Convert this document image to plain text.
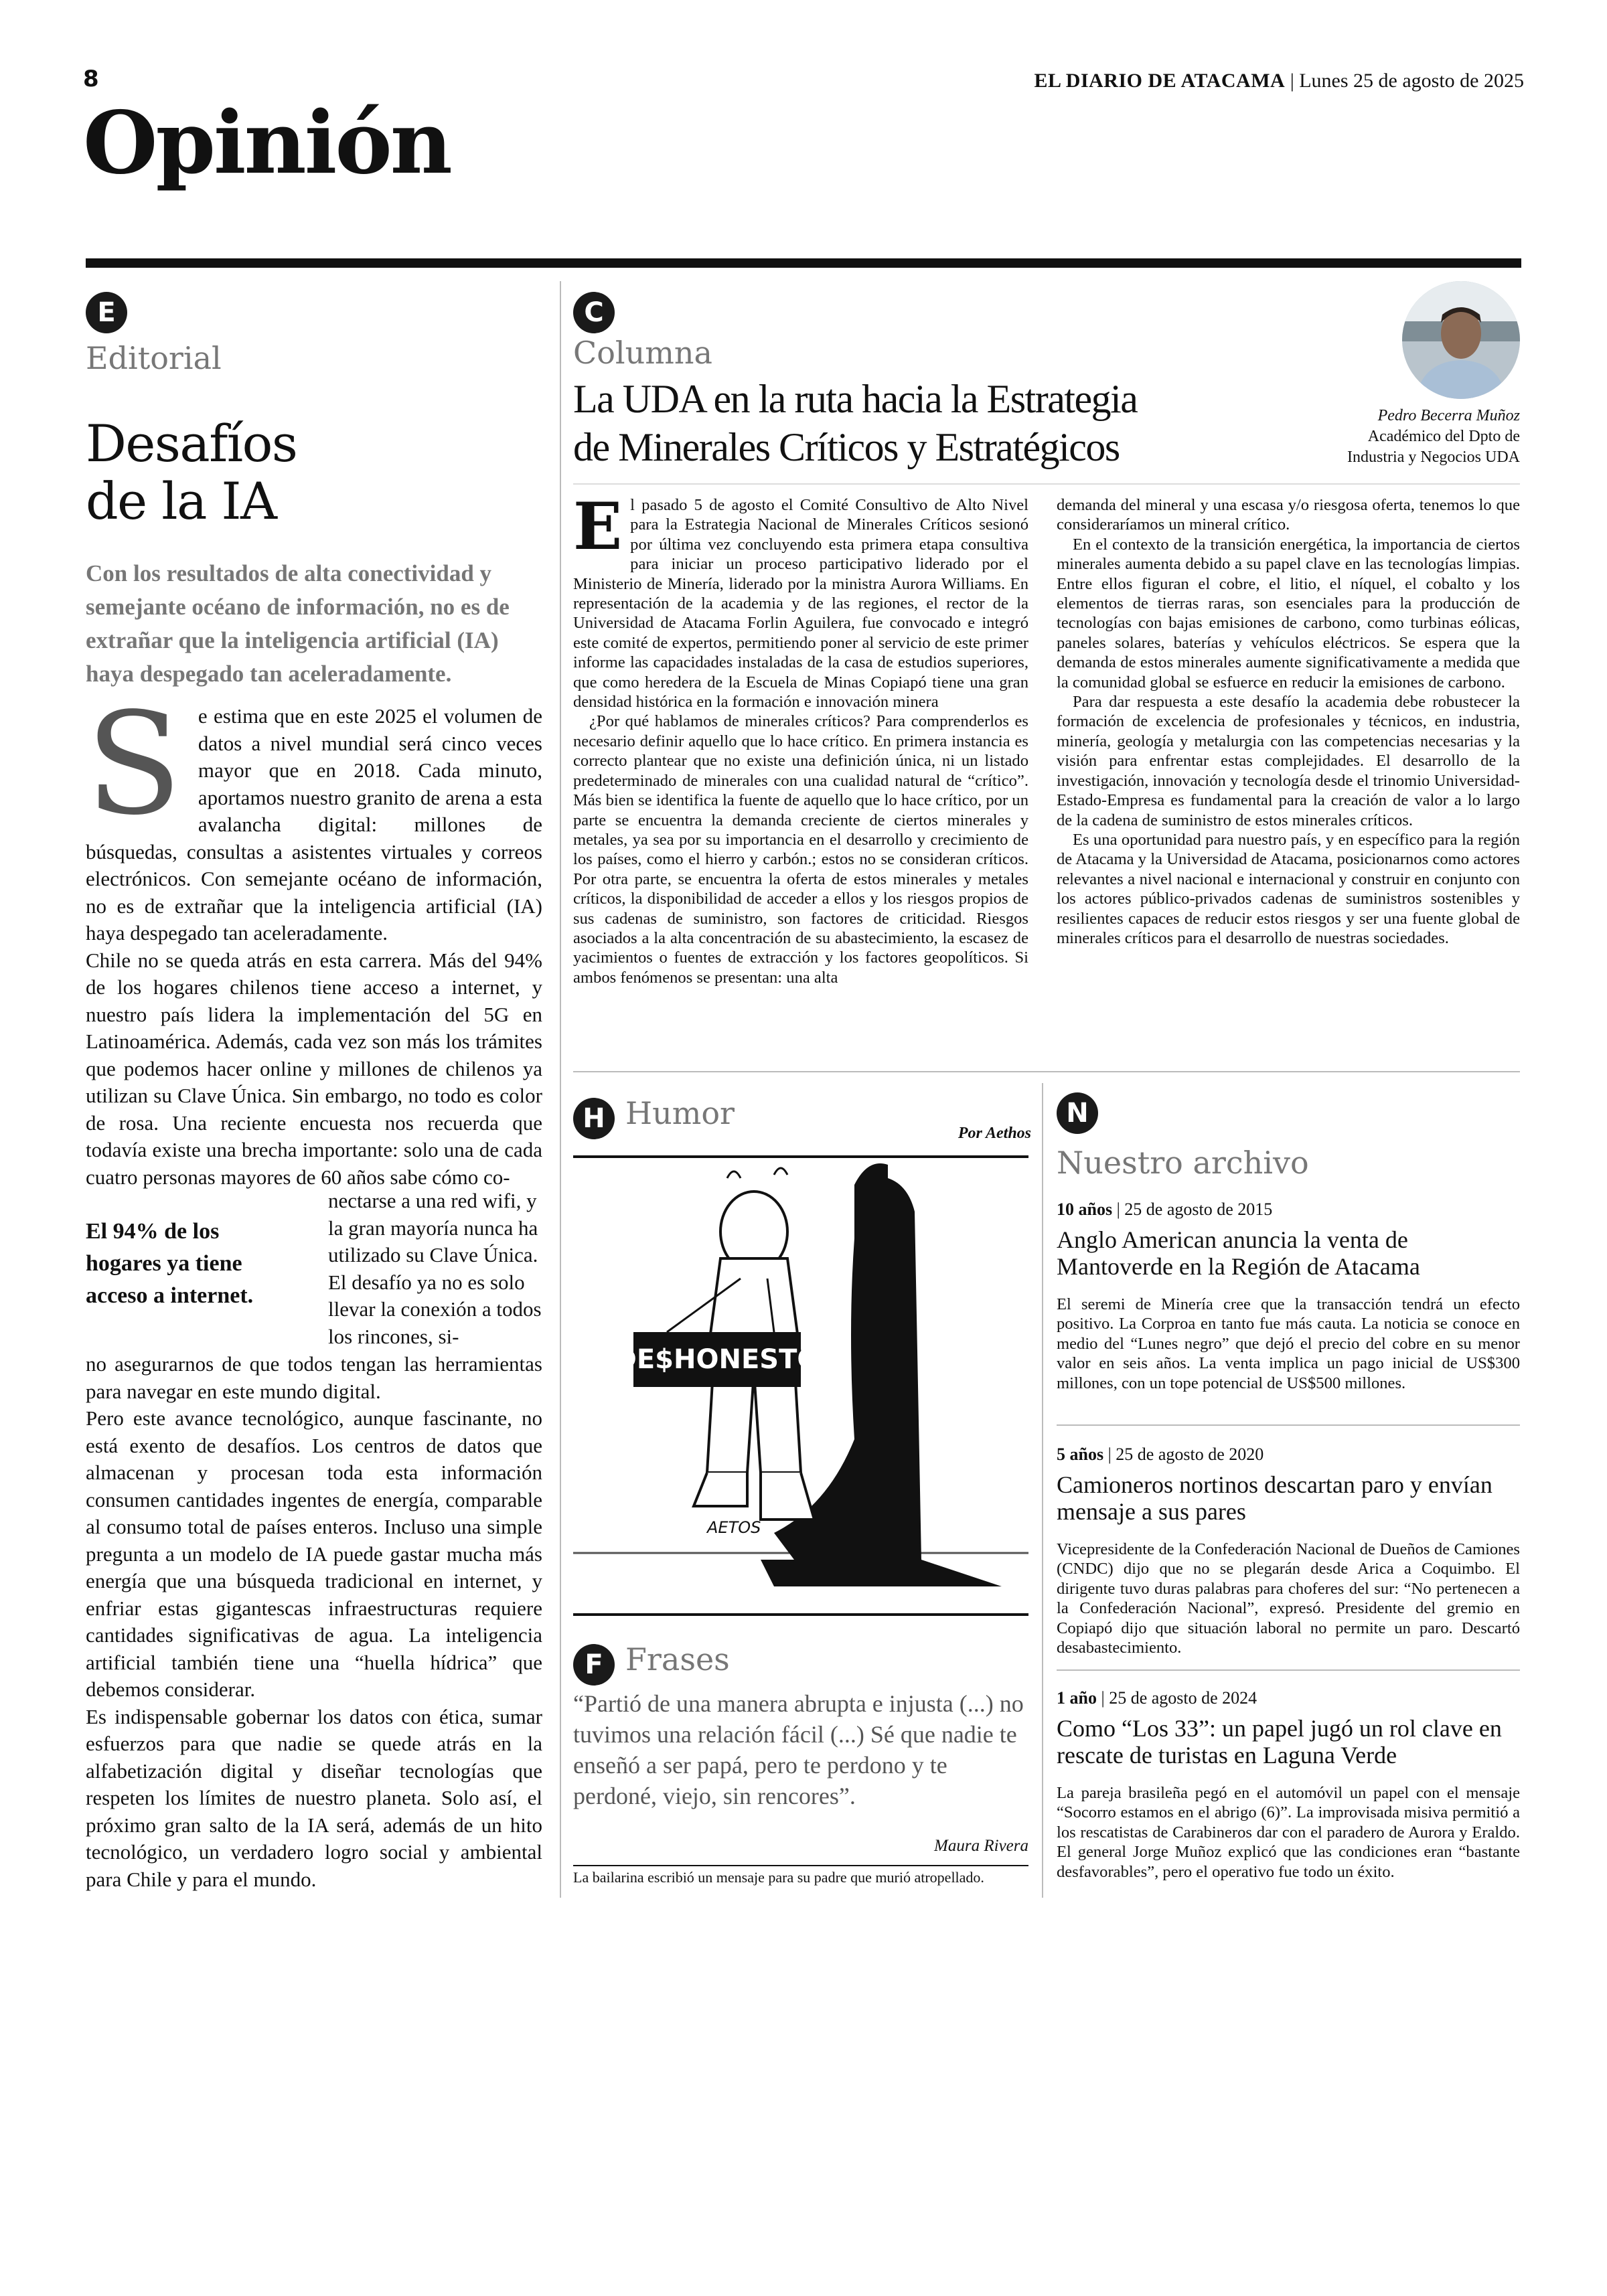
8	EL DIARIO DE ATACAMA | Lunes 25 de agosto de 2025
Opinión
E
Editorial
Desafíos
de la IA
Con los resultados de alta conectividad y semejante océano de información, no es de extrañar que la inteligencia artificial (IA) haya despegado tan aceleradamente.

Se estima que en este 2025 el volumen de datos a nivel mundial será cinco veces mayor que en 2018. Cada minuto, aportamos nuestro granito de arena a esta avalancha digital: millones de búsquedas, consultas a asistentes virtuales y correos electrónicos. Con semejante océano de información, no es de extrañar que la inteligencia artificial (IA) haya despegado tan aceleradamente.

Chile no se queda atrás en esta carrera. Más del 94% de los hogares chilenos tiene acceso a internet, y nuestro país lidera la implementación del 5G en Latinoamérica. Además, cada vez son más los trámites que podemos hacer online y millones de chilenos ya utilizan su Clave Única. Sin embargo, no todo es color de rosa. Una reciente encuesta nos recuerda que todavía existe una brecha importante: solo una de cada cuatro personas mayores de 60 años sabe cómo co-

El 94% de los hogares ya tiene acceso a internet.
nectarse a una red wifi, y la gran mayoría nunca ha utilizado su Clave Única. El desafío ya no es solo llevar la conexión a todos los rincones, si-

no asegurarnos de que todos tengan las herramientas para navegar en este mundo digital.

Pero este avance tecnológico, aunque fascinante, no está exento de desafíos. Los centros de datos que almacenan y procesan toda esta información consumen cantidades ingentes de energía, comparable al consumo total de países enteros. Incluso una simple pregunta a un modelo de IA puede gastar mucha más energía que una búsqueda tradicional en internet, y enfriar estas gigantescas infraestructuras requiere cantidades significativas de agua. La inteligencia artificial también tiene una “huella hídrica” que debemos considerar.

Es indispensable gobernar los datos con ética, sumar esfuerzos para que nadie se quede atrás en la alfabetización digital y diseñar tecnologías que respeten los límites de nuestro planeta. Solo así, el próximo gran salto de la IA será, además de un hito tecnológico, un verdadero logro social y ambiental para Chile y para el mundo.

C
Columna
La UDA en la ruta hacia la Estrategia
de Minerales Críticos y Estratégicos
Pedro Becerra Muñoz
Académico del Dpto de
Industria y Negocios UDA

El pasado 5 de agosto el Comité Consultivo de Alto Nivel para la Estrategia Nacional de Minerales Críticos sesionó por última vez concluyendo esta primera etapa consultiva para iniciar un proceso participativo liderado por el Ministerio de Minería, liderado por la ministra Aurora Williams. En representación de la academia y de las regiones, el rector de la Universidad de Atacama Forlin Aguilera, fue convocado e integró este comité de expertos, permitiendo poner al servicio de este primer informe las capacidades instaladas de la casa de estudios superiores, que como heredera de la Escuela de Minas Copiapó tiene una gran densidad histórica en la formación e innovación minera

¿Por qué hablamos de minerales críticos? Para comprenderlos es necesario definir aquello que lo hace crítico. En primera instancia es correcto plantear que no existe una definición única, ni un listado predeterminado de minerales con una cualidad natural de “crítico”. Más bien se identifica la fuente de aquello que lo hace crítico, por un parte se encuentra la demanda creciente de ciertos minerales y metales, ya sea por su importancia en el desarrollo y crecimiento de los países, como el hierro y carbón.; estos no se consideran críticos. Por otra parte, se encuentra la oferta de estos minerales y metales críticos, la disponibilidad de acceder a ellos y los riesgos propios de sus cadenas de suministro, son factores de criticidad. Riesgos asociados a la alta concentración de su abastecimiento, la escasez de yacimientos o fuentes de extracción y los factores geopolíticos. Si ambos fenómenos se presentan: una alta

demanda del mineral y una escasa y/o riesgosa oferta, tenemos lo que consideraríamos un mineral crítico.

En el contexto de la transición energética, la importancia de ciertos minerales aumenta debido a su papel clave en las tecnologías limpias. Entre ellos figuran el cobre, el litio, el níquel, el cobalto y los elementos de tierras raras, son esenciales para la producción de tecnologías con bajas emisiones de carbono, como turbinas eólicas, paneles solares, baterías y vehículos eléctricos. Se espera que la demanda de estos minerales aumente significativamente a medida que la comunidad global se esfuerce en reducir la emisiones de carbono.

Para dar respuesta a este desafío la academia debe robustecer la formación de excelencia de profesionales y técnicos, en industria, minería, geología y metalurgia con las competencias necesarias y la visión para enfrentar estas complejidades. El desarrollo de la investigación, innovación y tecnología desde el trinomio Universidad-Estado-Empresa es fundamental para la creación de valor a lo largo de la cadena de suministro de estos minerales críticos.

Es una oportunidad para nuestro país, y en específico para la región de Atacama y la Universidad de Atacama, posicionarnos como actores relevantes a nivel nacional e internacional y construir en conjunto con los actores público-privados cadenas de suministros sostenibles y resilientes capaces de reducir estos riesgos y ser una fuente global de minerales críticos para el desarrollo de nuestras sociedades.

H Humor
Por Aethos
DE$HONESTO
AETOS
F Frases
“Partió de una manera abrupta e injusta (...) no tuvimos una relación fácil (...) Sé que nadie te enseñó a ser papá, pero te perdono y te perdoné, viejo, sin rencores”.
Maura Rivera
La bailarina escribió un mensaje para su padre que murió atropellado.
N
Nuestro archivo
10 años | 25 de agosto de 2015
Anglo American anuncia la venta de Mantoverde en la Región de Atacama
El seremi de Minería cree que la transacción tendrá un efecto positivo. La Corproa en tanto fue más cauta. La noticia se conoce en medio del “Lunes negro” que dejó el precio del cobre en su menor valor en seis años. La venta implica un pago inicial de US$300 millones, con un tope potencial de US$500 millones.
5 años | 25 de agosto de 2020
Camioneros nortinos descartan paro y envían mensaje a sus pares
Vicepresidente de la Confederación Nacional de Dueños de Camiones (CNDC) dijo que no se plegarán desde Arica a Coquimbo. El dirigente tuvo duras palabras para choferes del sur: “No pertenecen a la Confederación Nacional”, expresó. Presidente del gremio en Copiapó dijo que situación laboral no permite un paro. Descartó desabastecimiento.
1 año | 25 de agosto de 2024
Como “Los 33”: un papel jugó un rol clave en rescate de turistas en Laguna Verde
La pareja brasileña pegó en el automóvil un papel con el mensaje “Socorro estamos en el abrigo (6)”. La improvisada misiva permitió a los rescatistas de Carabineros dar con el paradero de Aurora y Eraldo. El general Jorge Muñoz explicó que las condiciones eran “bastante desfavorables”, pero el operativo fue todo un éxito.
